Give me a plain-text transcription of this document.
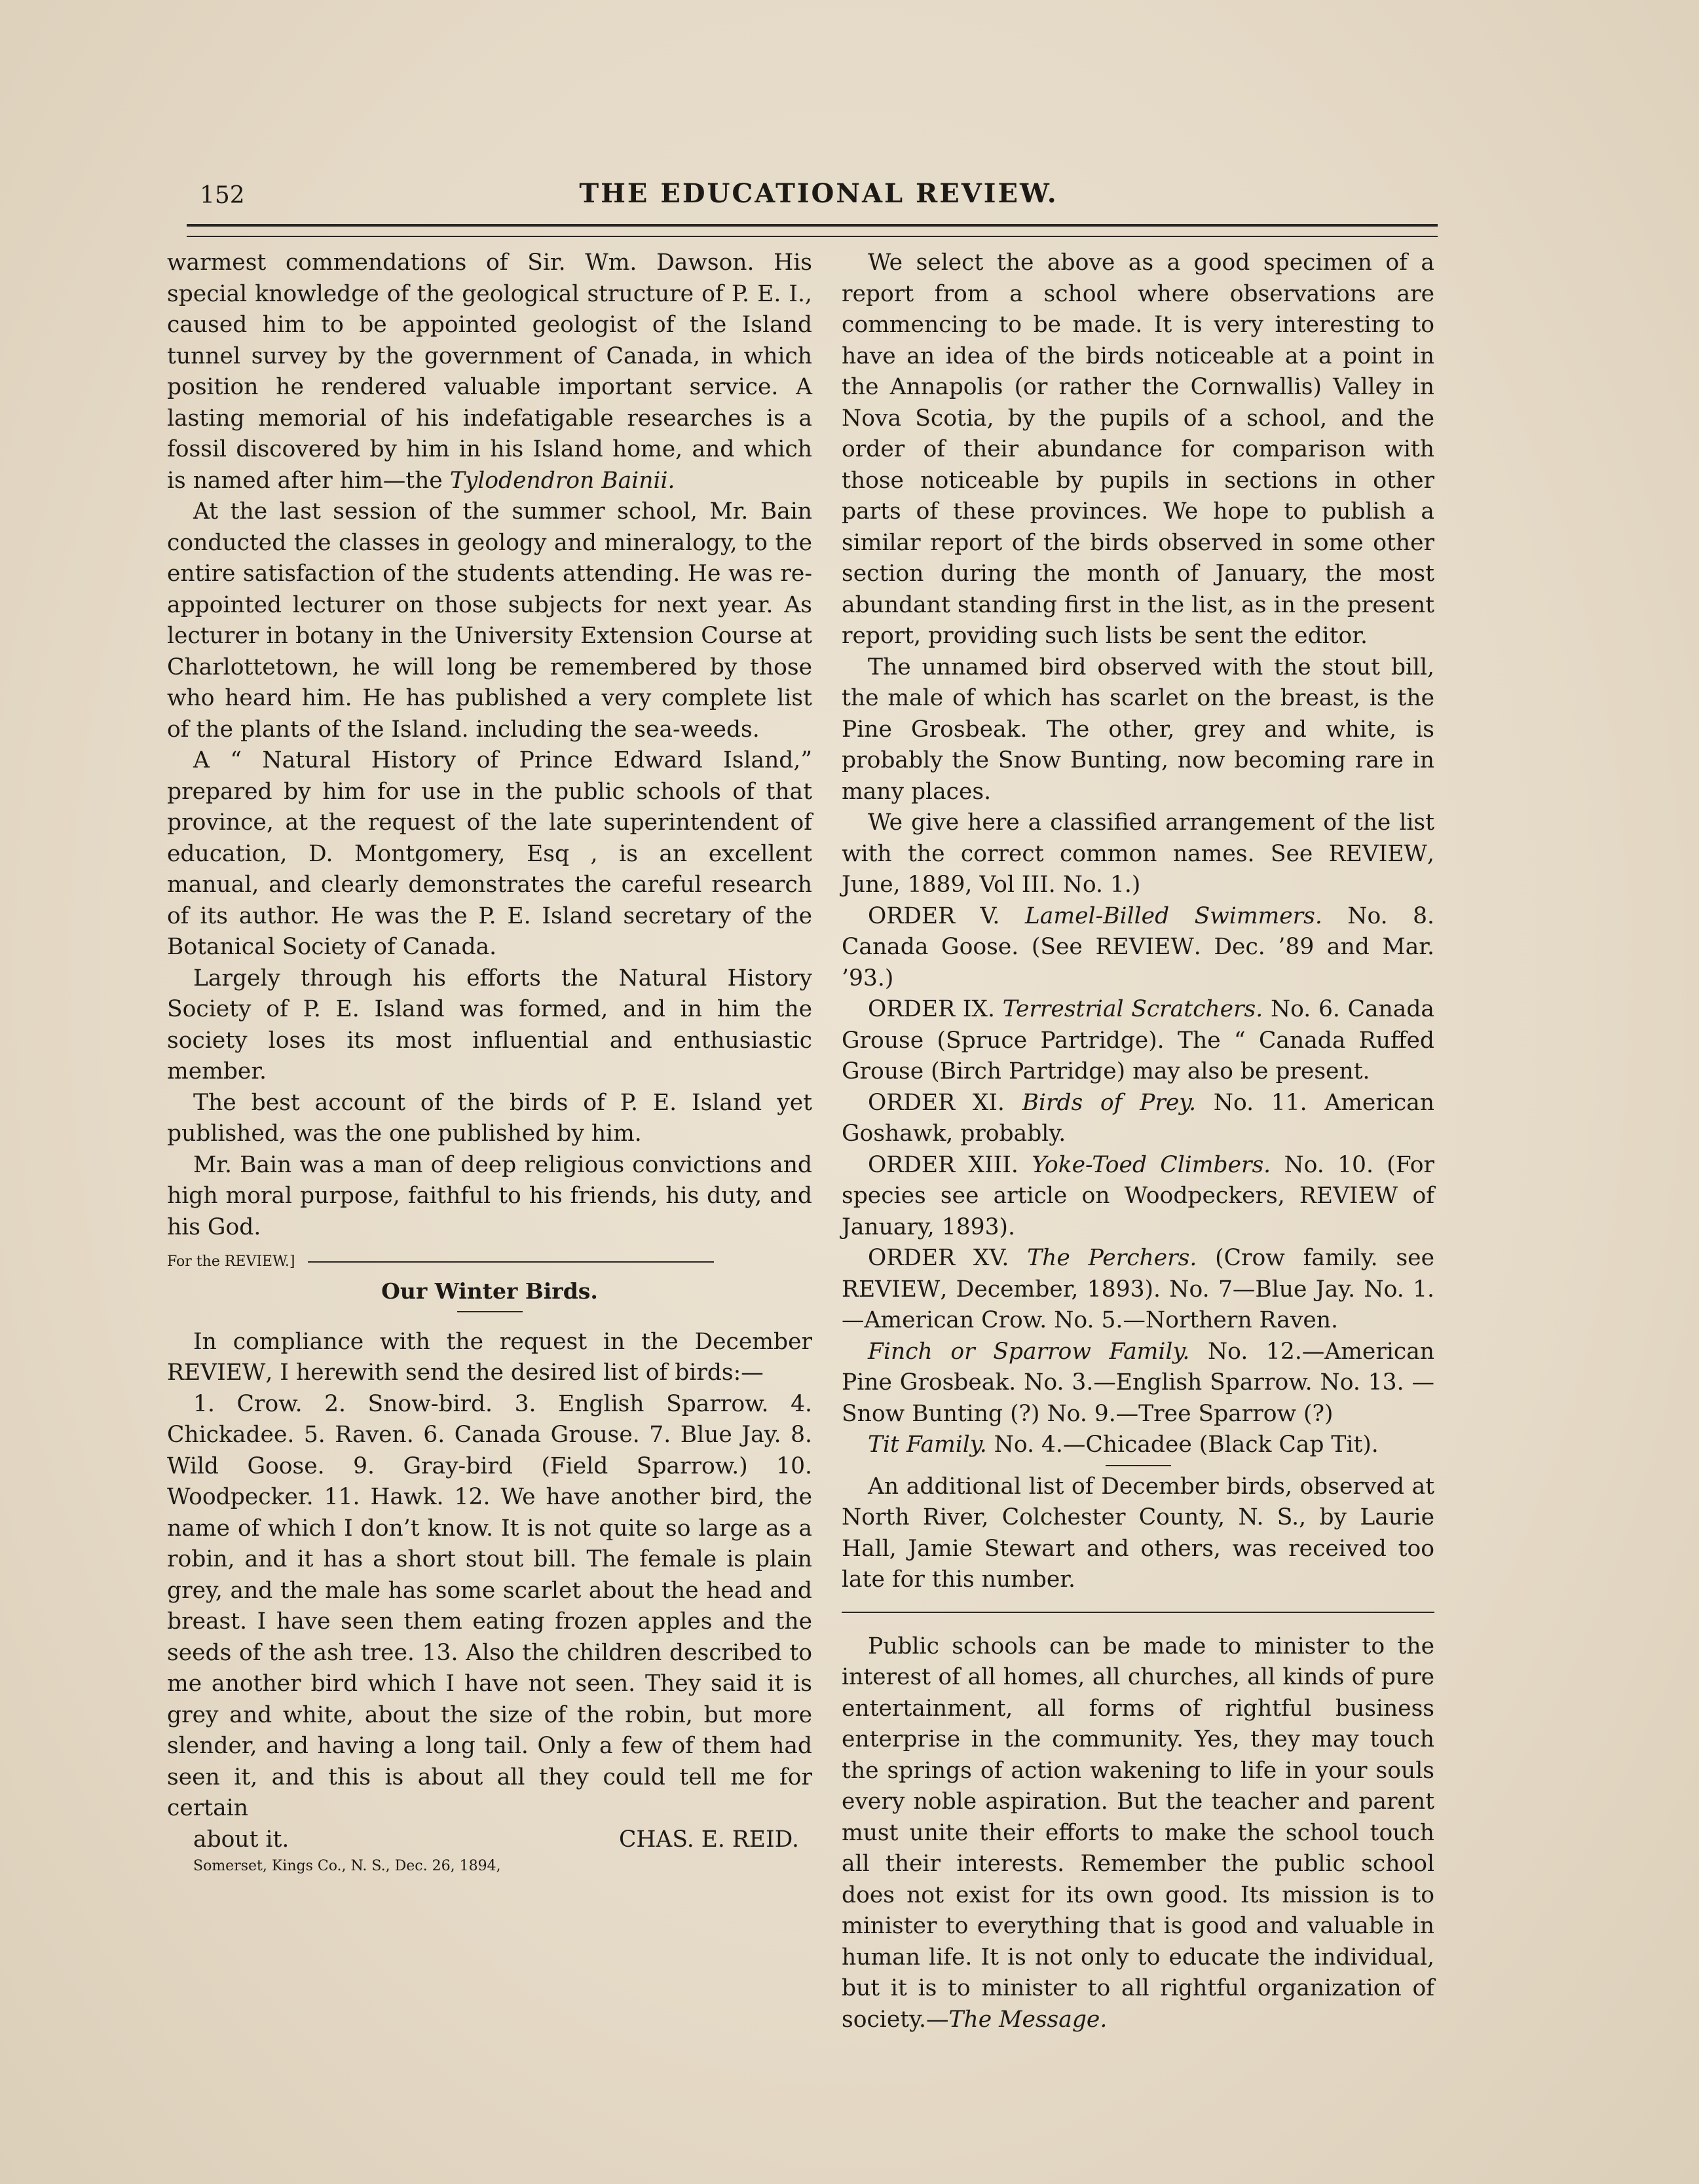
152	THE EDUCATIONAL REVIEW.

warmest commendations of Sir. Wm. Dawson. His special knowledge of the geological structure of P. E. I., caused him to be appointed geologist of the Island tunnel survey by the government of Canada, in which position he rendered valuable important service. A lasting memorial of his indefatigable researches is a fossil discovered by him in his Island home, and which is named after him—the Tylodendron Bainii.

At the last session of the summer school, Mr. Bain conducted the classes in geology and mineralogy, to the entire satisfaction of the students attending. He was re-appointed lecturer on those subjects for next year. As lecturer in botany in the University Extension Course at Charlottetown, he will long be remembered by those who heard him. He has published a very complete list of the plants of the Island. including the sea-weeds.

A “ Natural History of Prince Edward Island,” prepared by him for use in the public schools of that province, at the request of the late superintendent of education, D. Montgomery, Esq , is an excellent manual, and clearly demonstrates the careful research of its author. He was the P. E. Island secretary of the Botanical Society of Canada.

Largely through his efforts the Natural History Society of P. E. Island was formed, and in him the society loses its most influential and enthusiastic member.

The best account of the birds of P. E. Island yet published, was the one published by him.

Mr. Bain was a man of deep religious convictions and high moral purpose, faithful to his friends, his duty, and his God.

For the REVIEW.]
Our Winter Birds.

In compliance with the request in the December REVIEW, I herewith send the desired list of birds:—

1. Crow. 2. Snow-bird. 3. English Sparrow. 4. Chickadee. 5. Raven. 6. Canada Grouse. 7. Blue Jay. 8. Wild Goose. 9. Gray-bird (Field Sparrow.) 10. Woodpecker. 11. Hawk. 12. We have another bird, the name of which I don’t know. It is not quite so large as a robin, and it has a short stout bill. The female is plain grey, and the male has some scarlet about the head and breast. I have seen them eating frozen apples and the seeds of the ash tree. 13. Also the children described to me another bird which I have not seen. They said it is grey and white, about the size of the robin, but more slender, and having a long tail. Only a few of them had seen it, and this is about all they could tell me for certain

about it.	CHAS. E. REID.

Somerset, Kings Co., N. S., Dec. 26, 1894,

We select the above as a good specimen of a report from a school where observations are commencing to be made. It is very interesting to have an idea of the birds noticeable at a point in the Annapolis (or rather the Cornwallis) Valley in Nova Scotia, by the pupils of a school, and the order of their abundance for comparison with those noticeable by pupils in sections in other parts of these provinces. We hope to publish a similar report of the birds observed in some other section during the month of January, the most abundant standing first in the list, as in the present report, providing such lists be sent the editor.

The unnamed bird observed with the stout bill, the male of which has scarlet on the breast, is the Pine Grosbeak. The other, grey and white, is probably the Snow Bunting, now becoming rare in many places.

We give here a classified arrangement of the list with the correct common names. See REVIEW, June, 1889, Vol III. No. 1.)

ORDER V. Lamel-Billed Swimmers. No. 8. Canada Goose. (See REVIEW. Dec. ’89 and Mar. ’93.)

ORDER IX. Terrestrial Scratchers. No. 6. Canada Grouse (Spruce Partridge). The “ Canada Ruffed Grouse (Birch Partridge) may also be present.

ORDER XI. Birds of Prey. No. 11. American Goshawk, probably.

ORDER XIII. Yoke-Toed Climbers. No. 10. (For species see article on Woodpeckers, REVIEW of January, 1893).

ORDER XV. The Perchers. (Crow family. see REVIEW, December, 1893). No. 7—Blue Jay. No. 1.—American Crow. No. 5.—Northern Raven.

Finch or Sparrow Family. No. 12.—American Pine Grosbeak. No. 3.—English Sparrow. No. 13. —Snow Bunting (?) No. 9.—Tree Sparrow (?)

Tit Family. No. 4.—Chicadee (Black Cap Tit).

An additional list of December birds, observed at North River, Colchester County, N. S., by Laurie Hall, Jamie Stewart and others, was received too late for this number.

Public schools can be made to minister to the interest of all homes, all churches, all kinds of pure entertainment, all forms of rightful business enterprise in the community. Yes, they may touch the springs of action wakening to life in your souls every noble aspiration. But the teacher and parent must unite their efforts to make the school touch all their interests. Remember the public school does not exist for its own good. Its mission is to minister to everything that is good and valuable in human life. It is not only to educate the individual, but it is to minister to all rightful organization of society.—The Message.
